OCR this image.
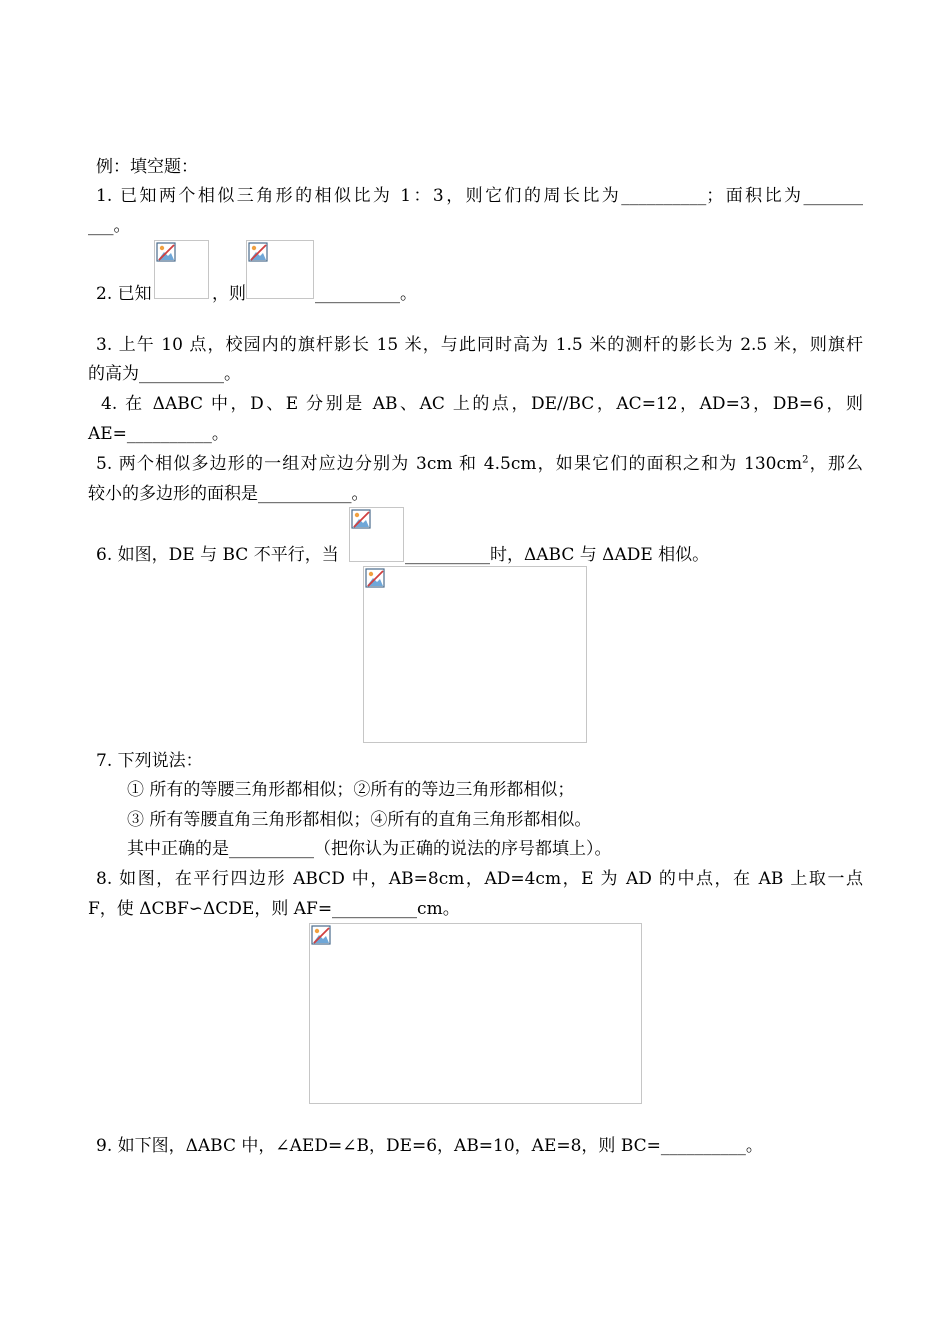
例：填空题：
1. 已知两个相似三角形的相似比为 1：3，则它们的周长比为__________；面积比为_______
___。
2. 已知	，则	__________。
3. 上午 10 点，校园内的旗杆影长 15 米，与此同时高为 1.5 米的测杆的影长为 2.5 米，则旗杆
的高为__________。
4. 在 ΔABC 中，D、E 分别是 AB、AC 上的点，DE//BC，AC=12，AD=3，DB=6，则
AE=__________。
5. 两个相似多边形的一组对应边分别为 3cm 和 4.5cm，如果它们的面积之和为 $130cm^2$，那么
较小的多边形的面积是___________。
6. 如图，DE 与 BC 不平行，当	__________时，ΔABC 与 ΔADE 相似。
7. 下列说法：
① 所有的等腰三角形都相似；②所有的等边三角形都相似；
③ 所有等腰直角三角形都相似；④所有的直角三角形都相似。
其中正确的是__________（把你认为正确的说法的序号都填上）。
8. 如图，在平行四边形 ABCD 中，AB=8cm，AD=4cm，E 为 AD 的中点，在 AB 上取一点
F，使 ΔCBF∽ΔCDE，则 AF=__________cm。
9. 如下图，ΔABC 中，∠AED=∠B，DE=6，AB=10，AE=8，则 BC=__________。
